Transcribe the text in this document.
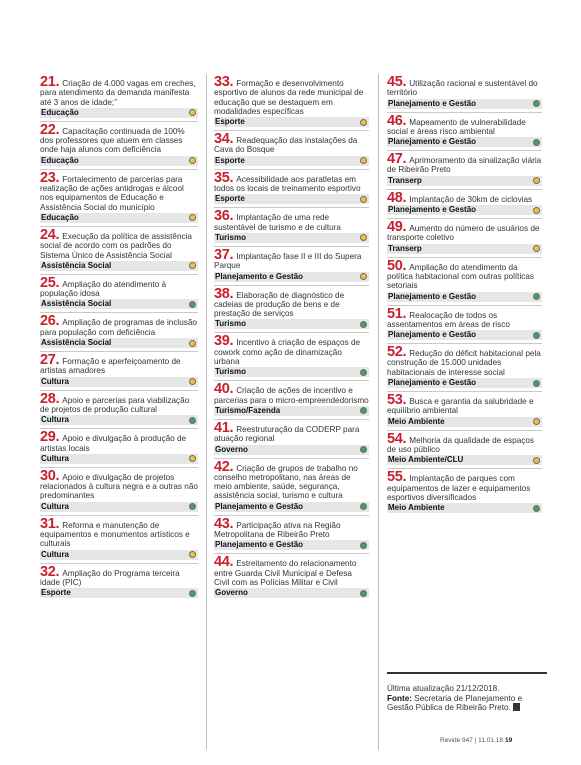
21. Criação de 4.000 vagas em creches, para atendimento da demanda manifesta até 3 anos de idade;”
Educação
22. Capacitação continuada de 100% dos professores que atuem em classes onde haja alunos com deficiência
Educação
23. Fortalecimento de parcerias para realização de ações antidrogas e álcool nos equipamentos de Educação e Assistência Social do município
Educação
24. Execução da política de assistência social de acordo com os padrões do Sistema Único de Assistência Social
Assistência Social
25. Ampliação do atendimento à população idosa
Assistência Social
26. Ampliação de programas de inclusão para população com deficiência
Assistência Social
27. Formação e aperfeiçoamento de artistas amadores
Cultura
28. Apoio e parcerias para viabilização de projetos de produção cultural
Cultura
29. Apoio e divulgação à produção de artistas locais
Cultura
30. Apoio e divulgação de projetos relacionados à cultura negra e a outras não predominantes
Cultura
31. Reforma e manutenção de equipamentos e monumentos artísticos e culturais
Cultura
32. Ampliação do Programa terceira idade (PIC)
Esporte
33. Formação e desenvolvimento esportivo de alunos da rede municipal de educação que se destaquem em modalidades específicas
Esporte
34. Readequação das instalações da Cava do Bosque
Esporte
35. Acessibilidade aos paratletas em todos os locais de treinamento esportivo
Esporte
36. Implantação de uma rede sustentável de turismo e de cultura
Turismo
37. Implantação fase II e III do Supera Parque
Planejamento e Gestão
38. Elaboração de diagnóstico de cadeias de produção de bens e de prestação de serviços
Turismo
39. Incentivo à criação de espaços de cowork como ação de dinamização urbana
Turismo
40. Criação de ações de incentivo e parcerias para o micro-empreendedorismo
Turismo/Fazenda
41. Reestruturação da CODERP para atuação regional
Governo
42. Criação de grupos de trabalho no conselho metropolitano, nas áreas de meio ambiente, saúde, segurança, assistência social, turismo e cultura
Planejamento e Gestão
43. Participação ativa na Região Metropolitana de Ribeirão Preto
Planejamento e Gestão
44. Estreitamento do relacionamento entre Guarda Civil Municipal e Defesa Civil com as Polícias Militar e Civil
Governo
45. Utilização racional e sustentável do território
Planejamento e Gestão
46. Mapeamento de vulnerabilidade social e áreas risco ambiental
Planejamento e Gestão
47. Aprimoramento da sinalização viária de Ribeirão Preto
Transerp
48. Implantação de 30km de ciclovias
Planejamento e Gestão
49. Aumento do número de usuários de transporte coletivo
Transerp
50. Ampliação do atendimento da política habitacional com outras políticas setoriais
Planejamento e Gestão
51. Realocação de todos os assentamentos em áreas de risco
Planejamento e Gestão
52. Redução do déficit habitacional pela construção de 15.000 unidades habitacionais de interesse social
Planejamento e Gestão
53. Busca e garantia da salubridade e equilíbrio ambiental
Meio Ambiente
54. Melhoria da qualidade de espaços de uso público
Meio Ambiente/CLU
55. Implantação de parques com equipamentos de lazer e equipamentos esportivos diversificados
Meio Ambiente
Última atualização 21/12/2018.
Fonte: Secretaria de Planejamento e Gestão Pública de Ribeirão Preto.
Revide 947 | 11.01.18 19
